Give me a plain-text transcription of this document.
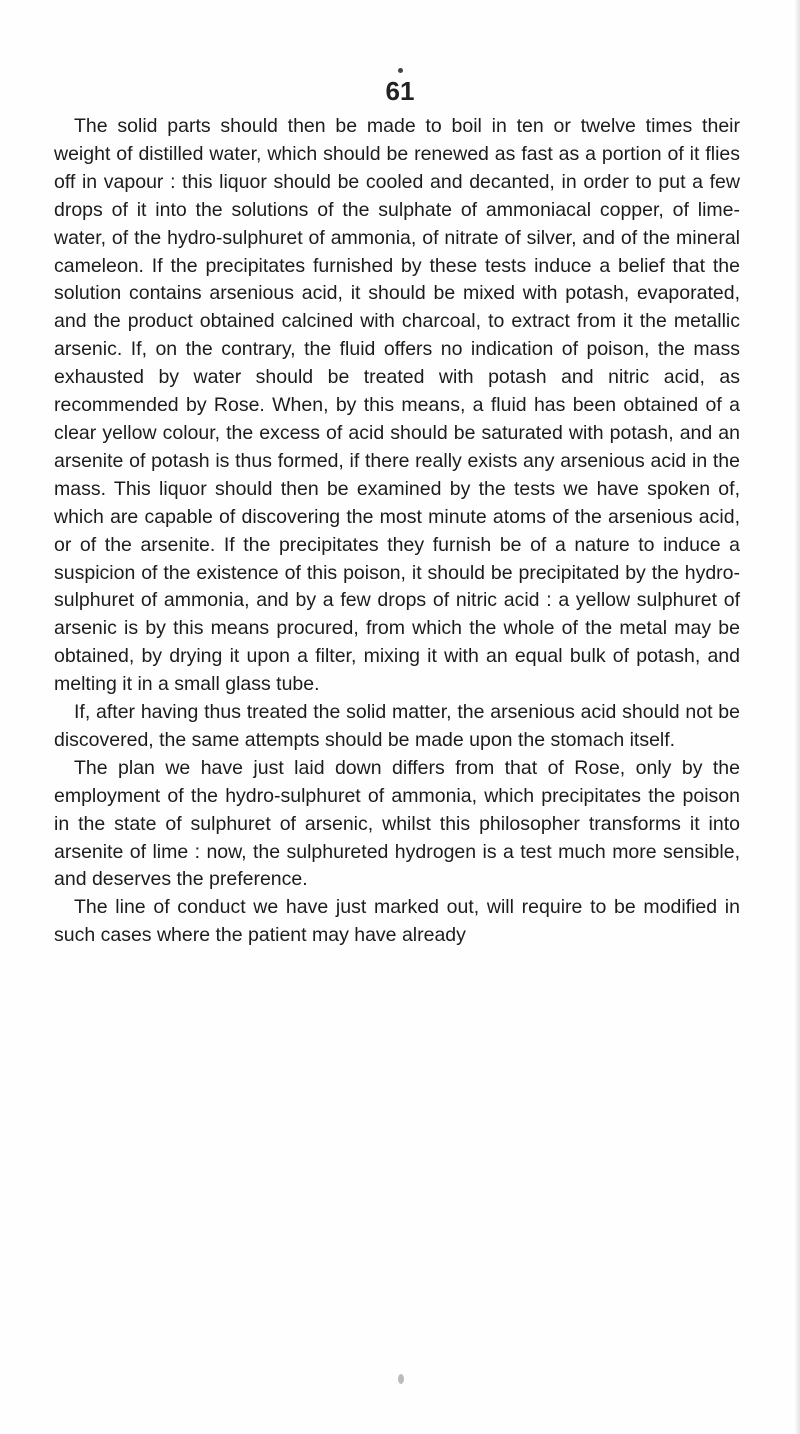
61

The solid parts should then be made to boil in ten or twelve times their weight of distilled water, which should be renewed as fast as a portion of it flies off in vapour : this liquor should be cooled and decanted, in order to put a few drops of it into the solutions of the sulphate of ammoniacal copper, of lime-water, of the hydro-sulphuret of ammonia, of nitrate of silver, and of the mineral cameleon. If the precipitates furnished by these tests induce a belief that the solution contains arsenious acid, it should be mixed with potash, evaporated, and the product obtained calcined with charcoal, to extract from it the metallic arsenic. If, on the contrary, the fluid offers no indication of poison, the mass exhausted by water should be treated with potash and nitric acid, as recommended by Rose. When, by this means, a fluid has been obtained of a clear yellow colour, the excess of acid should be saturated with potash, and an arsenite of potash is thus formed, if there really exists any arsenious acid in the mass. This liquor should then be examined by the tests we have spoken of, which are capable of discovering the most minute atoms of the arsenious acid, or of the arsenite. If the precipitates they furnish be of a nature to induce a suspicion of the existence of this poison, it should be precipitated by the hydro-sulphuret of ammonia, and by a few drops of nitric acid : a yellow sulphuret of arsenic is by this means procured, from which the whole of the metal may be obtained, by drying it upon a filter, mixing it with an equal bulk of potash, and melting it in a small glass tube.

If, after having thus treated the solid matter, the arsenious acid should not be discovered, the same attempts should be made upon the stomach itself.

The plan we have just laid down differs from that of Rose, only by the employment of the hydro-sulphuret of ammonia, which precipitates the poison in the state of sulphuret of arsenic, whilst this philosopher transforms it into arsenite of lime : now, the sulphureted hydrogen is a test much more sensible, and deserves the preference.

The line of conduct we have just marked out, will require to be modified in such cases where the patient may have already
